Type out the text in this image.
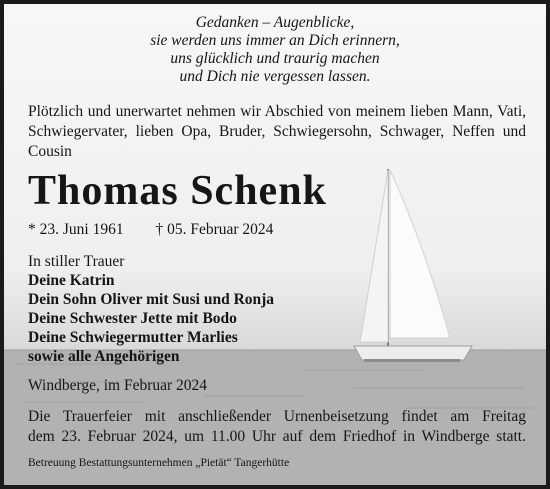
Gedanken – Augenblicke,
sie werden uns immer an Dich erinnern,
uns glücklich und traurig machen
und Dich nie vergessen lassen.
Plötzlich und unerwartet nehmen wir Abschied von meinem lieben Mann, Vati, Schwiegervater, lieben Opa, Bruder, Schwiegersohn, Schwager, Neffen und Cousin
Thomas Schenk
* 23. Juni 1961 † 05. Februar 2024
In stiller Trauer
Deine Katrin
Dein Sohn Oliver mit Susi und Ronja
Deine Schwester Jette mit Bodo
Deine Schwiegermutter Marlies
sowie alle Angehörigen
Windberge, im Februar 2024
Die Trauerfeier mit anschließender Urnenbeisetzung findet am Freitag
dem 23. Februar 2024, um 11.00 Uhr auf dem Friedhof in Windberge statt.
Betreuung Bestattungsunternehmen „Pietät“ Tangerhütte
